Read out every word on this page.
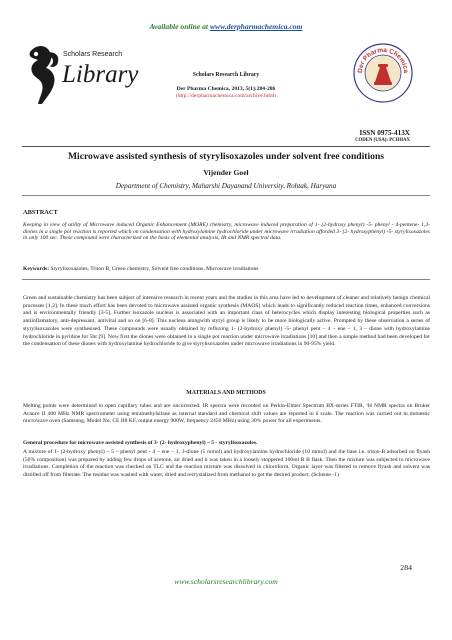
Available online at www.derpharmachemica.com
Scholars Research
Library	Scholars Research Library
Der Pharma Chemica, 2013, 5(1):284-286
(http://derpharmachemica.com/archive.html)
Der Pharma Chemica
ISSN 0975-413X
CODEN (USA): PCHHAX
Microwave assisted synthesis of styrylisoxazoles under solvent free conditions
Vijender Goel
Department of Chemistry, Maharshi Dayanand University, Rohtak, Haryana
ABSTRACT
Keeping in view of utility of Microwave induced Organic Enhancement (MORE) chemistry, microwave induced preparation of 1- (2-hydroxy phenyl) -5- phenyl - 4-pentene- 1,3- diones in a single pot reaction is reported which on condensation with hydroxylamine hydrochloride under microwave irradiation afforded 3- (2- hydroxyphenyl) -5- styrylisoxazoles in only 100 sec. These compound were characterized on the basis of elemental analysis, IR and NMR spectral data.
Keywords: Styrylisoxazoles, Triton B, Green chemistry, Solvent free conditions, Microwave irradiations
Green and sustainable chemistry has been subject of intensive research in recent years and the studies in this area have led to development of cleaner and relatively benign chemical processes [1,2]. In these much effort has been devoted to microwave assisted organic synthesis (MAOS) which leads to significantly reduced reaction times, enhanced conversions and is environmentally friendly [3-5]. Further isoxazole nucleus is associated with an important class of heterocycles which display interesting biological properties such as antiinflamatory, anti-depressant, antiviral and so on [6-8]. This nucleus alongwith styryl group is likely to be more biologically active. Prompted by these observation a series of styrylisoxazoles were synthesised. These compounds were usually obtained by refluxing 1- (2-hydroxy phenyl) -5- phenyl pent – 4 – ene – 1, 3 – dione with hydroxylamine hydrochloride in pyridine for 5hr [9]. Now first the diones were obtained in a single pot reaction under microwave irradiations [10] and then a simple method had been developed for the condensation of these diones with hydroxylamine hydrochloride to give styrylisoxazoles under microwave irradiations in 90-95% yield.
MATERIALS AND METHODS
Melting points were determined in open capillary tubes and are uncorrected. IR spectra were recorded on Perkin-Elmer Spectrum BX-series FTIR, ¹H NMR spectra on Bruker Avance II 400 MHz NMR spectrometer using tetramethylsilane as internal standard and chemical shift values are reported in δ scale. The reaction was carried out in domestic microwave oven (Samsung, Model No. CE II8 KF, output energy 900W, frequency 2450 MHz) using 30% power for all experiments.
General procedure for microwave assisted synthesis of 3- (2- hydroxyphenyl) – 5 - styrylisoxazoles.
A mixture of 1- (2-hydroxy phenyl) – 5 – phenyl pent - 4 – ene – 1, 3-dione (5 mmol) and hydroxylamine hydrochloride (10 mmol) and the base i.e. triton-B adsorbed on flyash (50% composition) was prepared by adding few drops of acetone, air dried and it was taken in a loosely stoppered 100ml R B flask. Then the mixture was subjected to microwave irradiations. Completion of the reaction was checked on TLC and the reaction mixture was dissolved in chloroform. Organic layer was filtered to remove flyash and solvent was distilled off from filterate. The residue was washed with water, dried and recrystalized from methanol to get the desired product. (Scheme -1)
284
www.scholarsresearchlibrary.com
